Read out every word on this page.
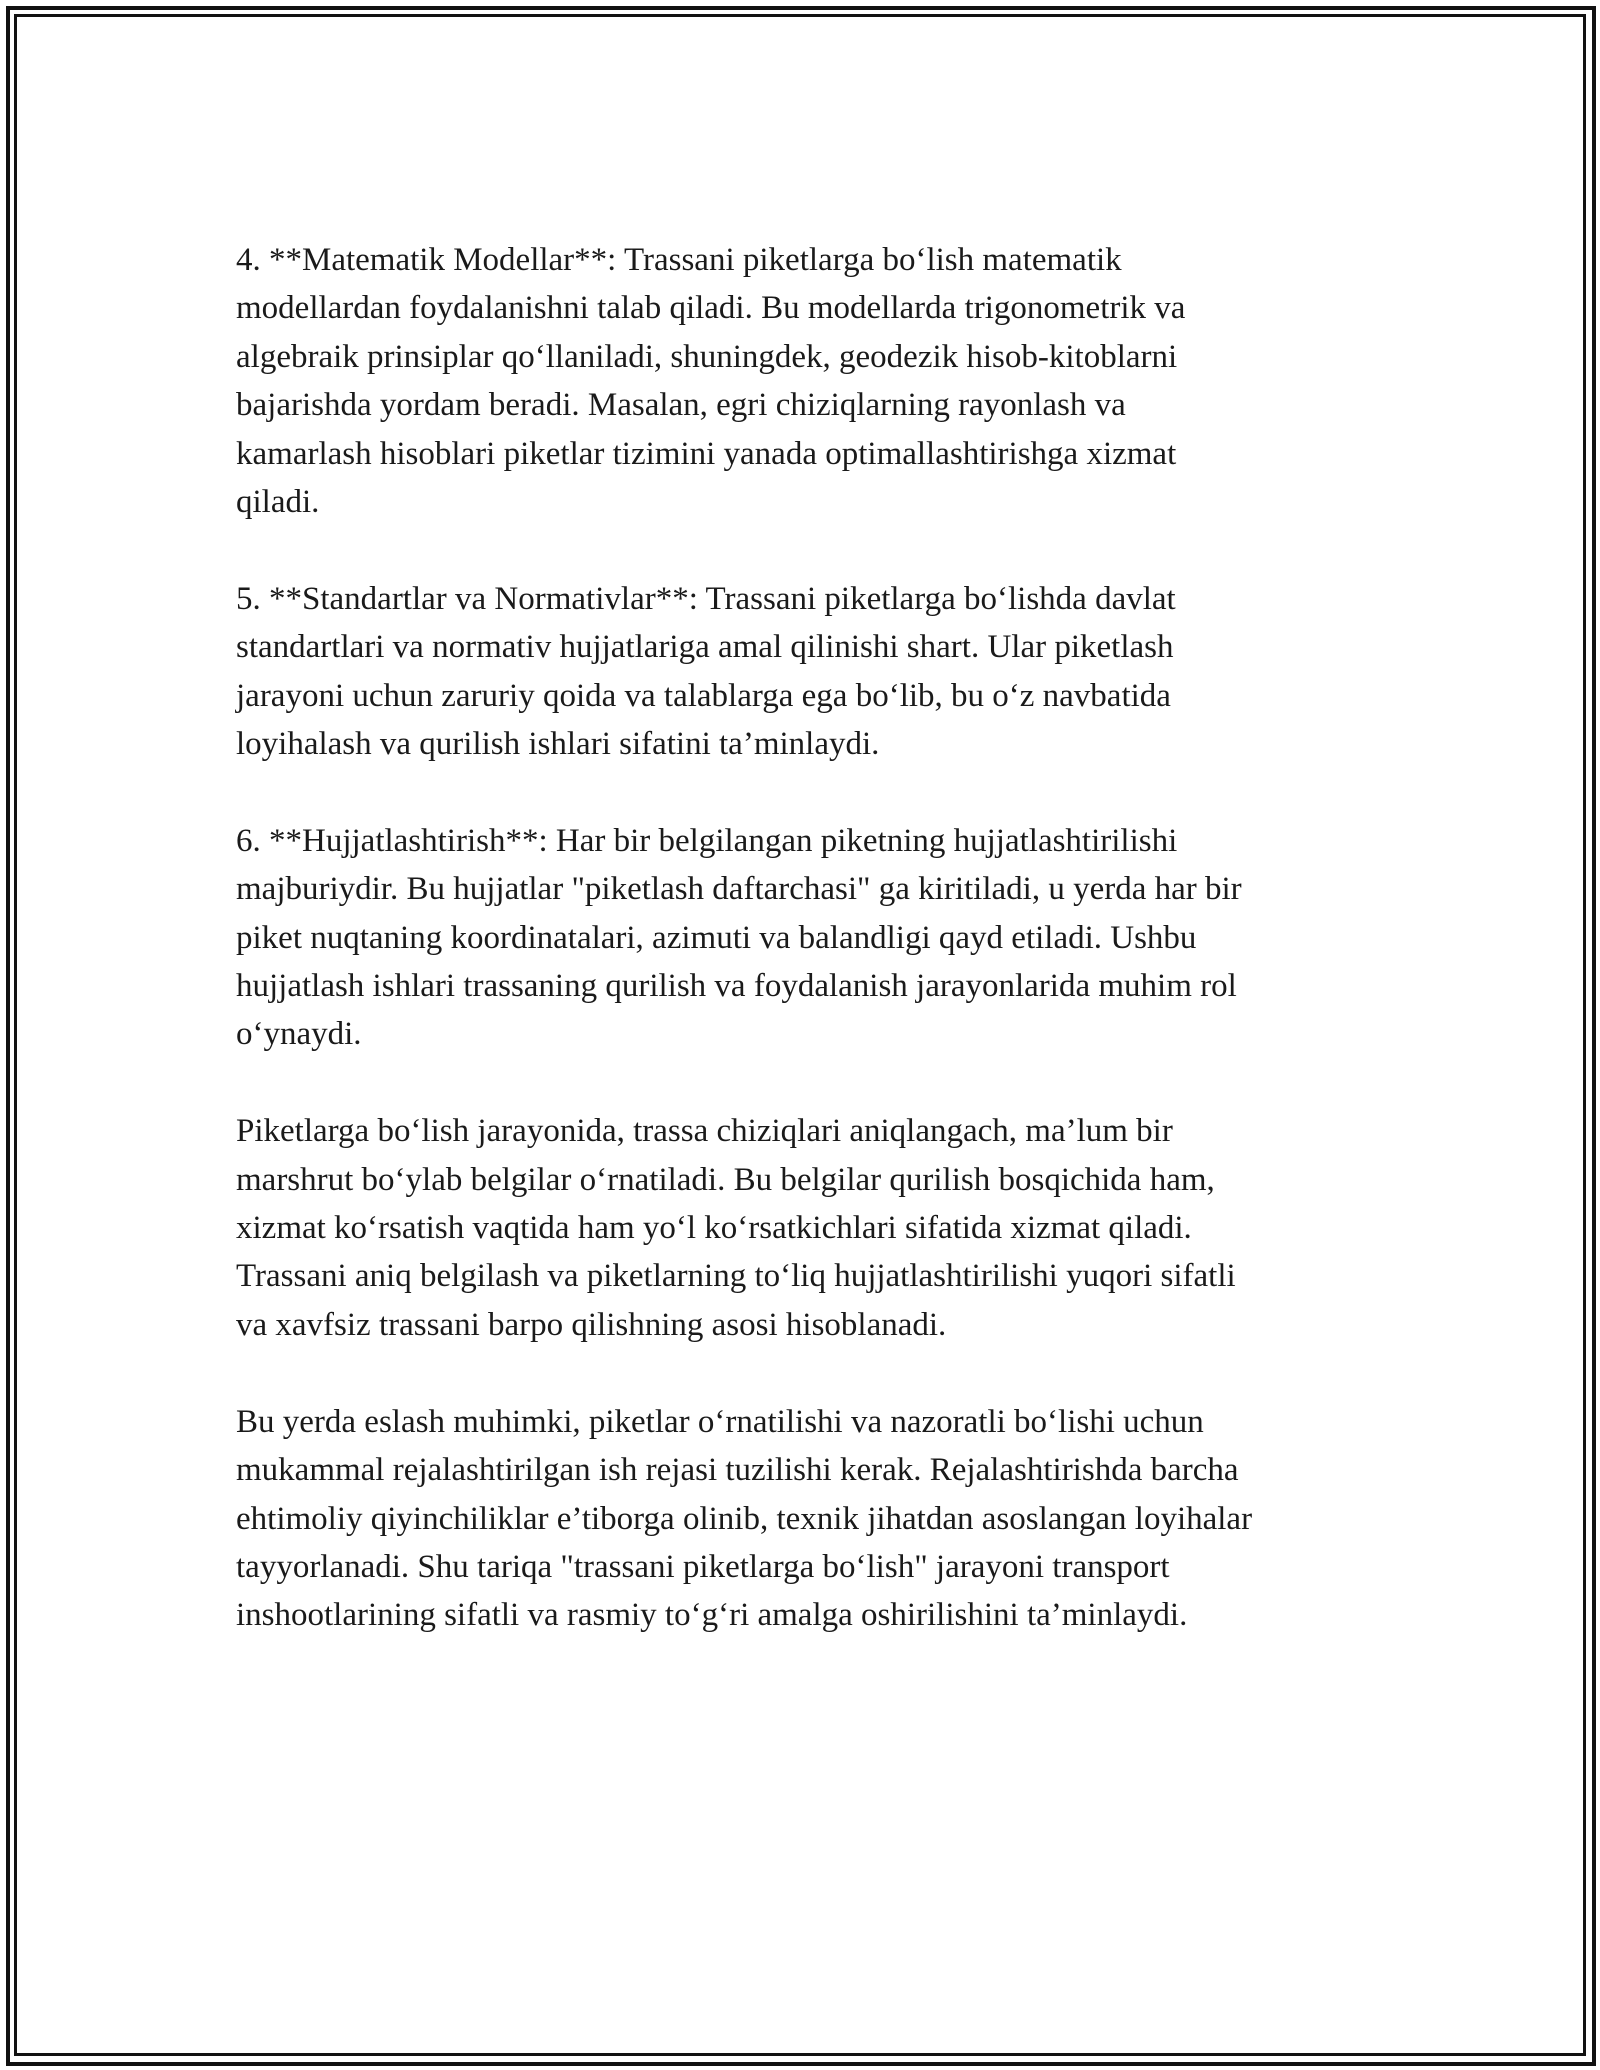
4. **Matematik Modellar**: Trassani piketlarga bo‘lish matematik
modellardan foydalanishni talab qiladi. Bu modellarda trigonometrik va
algebraik prinsiplar qo‘llaniladi, shuningdek, geodezik hisob-kitoblarni
bajarishda yordam beradi. Masalan, egri chiziqlarning rayonlash va
kamarlash hisoblari piketlar tizimini yanada optimallashtirishga xizmat
qiladi.

5. **Standartlar va Normativlar**: Trassani piketlarga bo‘lishda davlat
standartlari va normativ hujjatlariga amal qilinishi shart. Ular piketlash
jarayoni uchun zaruriy qoida va talablarga ega bo‘lib, bu o‘z navbatida
loyihalash va qurilish ishlari sifatini ta’minlaydi.

6. **Hujjatlashtirish**: Har bir belgilangan piketning hujjatlashtirilishi
majburiydir. Bu hujjatlar "piketlash daftarchasi" ga kiritiladi, u yerda har bir
piket nuqtaning koordinatalari, azimuti va balandligi qayd etiladi. Ushbu
hujjatlash ishlari trassaning qurilish va foydalanish jarayonlarida muhim rol
o‘ynaydi.

Piketlarga bo‘lish jarayonida, trassa chiziqlari aniqlangach, ma’lum bir
marshrut bo‘ylab belgilar o‘rnatiladi. Bu belgilar qurilish bosqichida ham,
xizmat ko‘rsatish vaqtida ham yo‘l ko‘rsatkichlari sifatida xizmat qiladi.
Trassani aniq belgilash va piketlarning to‘liq hujjatlashtirilishi yuqori sifatli
va xavfsiz trassani barpo qilishning asosi hisoblanadi.

Bu yerda eslash muhimki, piketlar o‘rnatilishi va nazoratli bo‘lishi uchun
mukammal rejalashtirilgan ish rejasi tuzilishi kerak. Rejalashtirishda barcha
ehtimoliy qiyinchiliklar e’tiborga olinib, texnik jihatdan asoslangan loyihalar
tayyorlanadi. Shu tariqa "trassani piketlarga bo‘lish" jarayoni transport
inshootlarining sifatli va rasmiy to‘g‘ri amalga oshirilishini ta’minlaydi.
